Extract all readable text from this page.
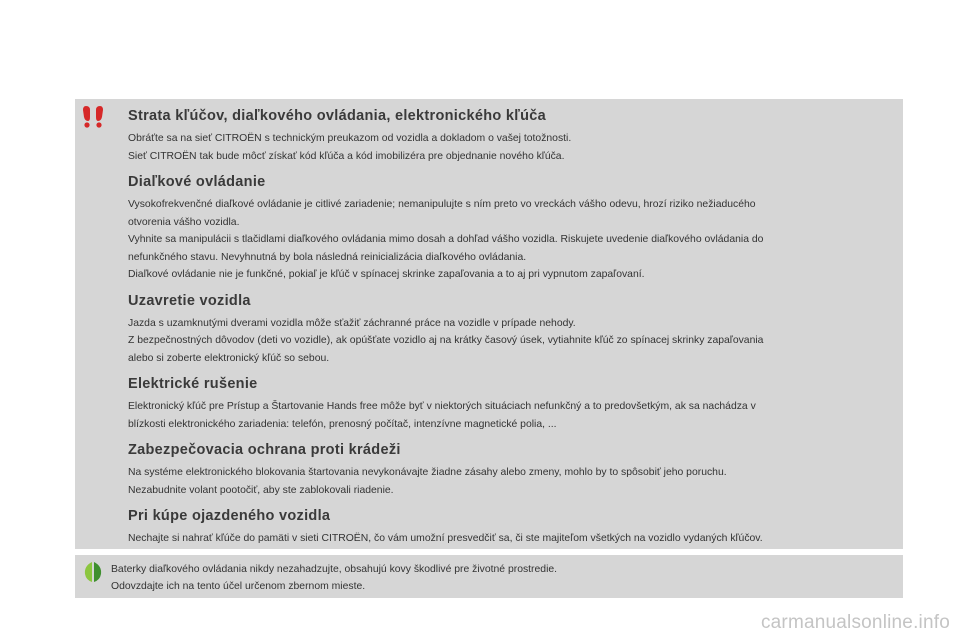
Strata kľúčov, diaľkového ovládania, elektronického kľúča

Obráťte sa na sieť CITROËN s technickým preukazom od vozidla a dokladom o vašej totožnosti.

Sieť CITROËN tak bude môcť získať kód kľúča a kód imobilizéra pre objednanie nového kľúča.

Diaľkové ovládanie

Vysokofrekvenčné diaľkové ovládanie je citlivé zariadenie; nemanipulujte s ním preto vo vreckách vášho odevu, hrozí riziko nežiaducého

otvorenia vášho vozidla.

Vyhnite sa manipulácii s tlačidlami diaľkového ovládania mimo dosah a dohľad vášho vozidla. Riskujete uvedenie diaľkového ovládania do

nefunkčného stavu. Nevyhnutná by bola následná reinicializácia diaľkového ovládania.

Diaľkové ovládanie nie je funkčné, pokiaľ je kľúč v spínacej skrinke zapaľovania a to aj pri vypnutom zapaľovaní.

Uzavretie vozidla

Jazda s uzamknutými dverami vozidla môže sťažiť záchranné práce na vozidle v prípade nehody.

Z bezpečnostných dôvodov (deti vo vozidle), ak opúšťate vozidlo aj na krátky časový úsek, vytiahnite kľúč zo spínacej skrinky zapaľovania

alebo si zoberte elektronický kľúč so sebou.

Elektrické rušenie

Elektronický kľúč pre Prístup a Štartovanie Hands free môže byť v niektorých situáciach nefunkčný a to predovšetkým, ak sa nachádza v

blízkosti elektronického zariadenia: telefón, prenosný počítač, intenzívne magnetické polia, ...

Zabezpečovacia ochrana proti krádeži

Na systéme elektronického blokovania štartovania nevykonávajte žiadne zásahy alebo zmeny, mohlo by to spôsobiť jeho poruchu.

Nezabudnite volant pootočiť, aby ste zablokovali riadenie.

Pri kúpe ojazdeného vozidla

Nechajte si nahrať kľúče do pamäti v sieti CITROËN, čo vám umožní presvedčiť sa, či ste majiteľom všetkých na vozidlo vydaných kľúčov.

Baterky diaľkového ovládania nikdy nezahadzujte, obsahujú kovy škodlivé pre životné prostredie.

Odovzdajte ich na tento účel určenom zbernom mieste.

carmanualsonline.info
